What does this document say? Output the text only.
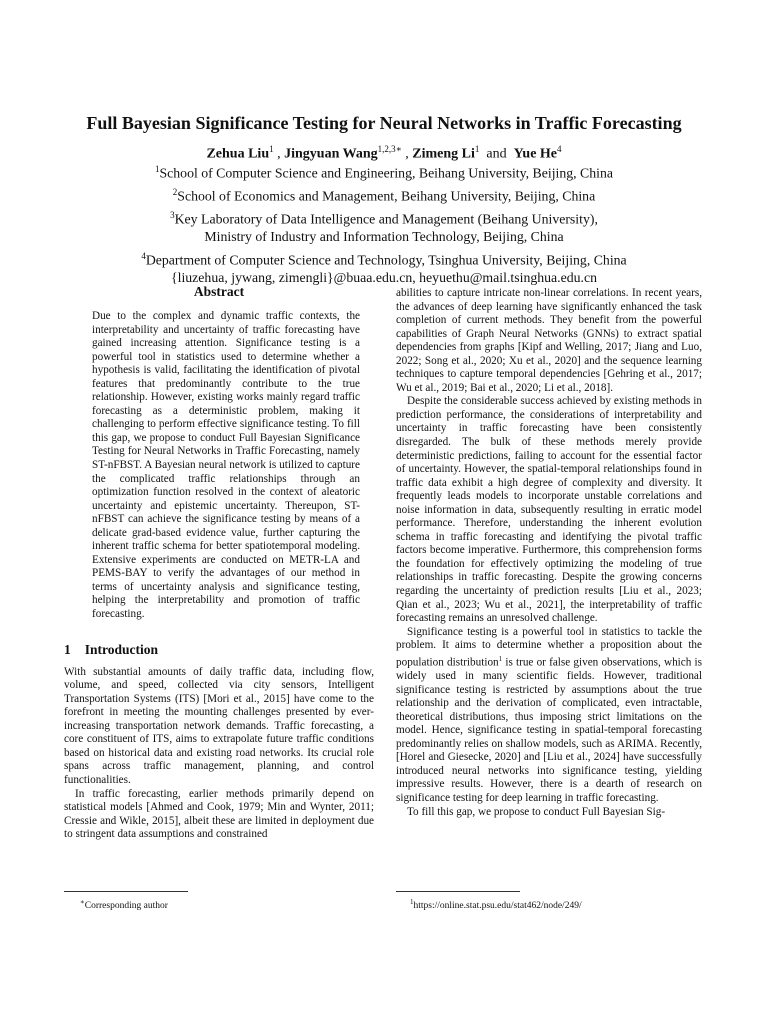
Full Bayesian Significance Testing for Neural Networks in Traffic Forecasting
Zehua Liu$^1$ , Jingyuan Wang$^{1,2,3∗}$ , Zimeng Li$^1$ and Yue He$^4$
$^1$School of Computer Science and Engineering, Beihang University, Beijing, China
$^2$School of Economics and Management, Beihang University, Beijing, China
$^3$Key Laboratory of Data Intelligence and Management (Beihang University),
Ministry of Industry and Information Technology, Beijing, China
$^4$Department of Computer Science and Technology, Tsinghua University, Beijing, China
{liuzehua, jywang, zimengli}@buaa.edu.cn, heyuethu@mail.tsinghua.edu.cn
Abstract

Due to the complex and dynamic traffic contexts, the interpretability and uncertainty of traffic forecasting have gained increasing attention. Significance testing is a powerful tool in statistics used to determine whether a hypothesis is valid, facilitating the identification of pivotal features that predominantly contribute to the true relationship. However, existing works mainly regard traffic forecasting as a deterministic problem, making it challenging to perform effective significance testing. To fill this gap, we propose to conduct Full Bayesian Significance Testing for Neural Networks in Traffic Forecasting, namely ST-nFBST. A Bayesian neural network is utilized to capture the complicated traffic relationships through an optimization function resolved in the context of aleatoric uncertainty and epistemic uncertainty. Thereupon, ST-nFBST can achieve the significance testing by means of a delicate grad-based evidence value, further capturing the inherent traffic schema for better spatiotemporal modeling. Extensive experiments are conducted on METR-LA and PEMS-BAY to verify the advantages of our method in terms of uncertainty analysis and significance testing, helping the interpretability and promotion of traffic forecasting.

1 Introduction

With substantial amounts of daily traffic data, including flow, volume, and speed, collected via city sensors, Intelligent Transportation Systems (ITS) [Mori et al., 2015] have come to the forefront in meeting the mounting challenges presented by ever-increasing transportation network demands. Traffic forecasting, a core constituent of ITS, aims to extrapolate future traffic conditions based on historical data and existing road networks. Its crucial role spans across traffic management, planning, and control functionalities.

In traffic forecasting, earlier methods primarily depend on statistical models [Ahmed and Cook, 1979; Min and Wynter, 2011; Cressie and Wikle, 2015], albeit these are limited in deployment due to stringent data assumptions and constrained

abilities to capture intricate non-linear correlations. In recent years, the advances of deep learning have significantly enhanced the task completion of current methods. They benefit from the powerful capabilities of Graph Neural Networks (GNNs) to extract spatial dependencies from graphs [Kipf and Welling, 2017; Jiang and Luo, 2022; Song et al., 2020; Xu et al., 2020] and the sequence learning techniques to capture temporal dependencies [Gehring et al., 2017; Wu et al., 2019; Bai et al., 2020; Li et al., 2018].

Despite the considerable success achieved by existing methods in prediction performance, the considerations of interpretability and uncertainty in traffic forecasting have been consistently disregarded. The bulk of these methods merely provide deterministic predictions, failing to account for the essential factor of uncertainty. However, the spatial-temporal relationships found in traffic data exhibit a high degree of complexity and diversity. It frequently leads models to incorporate unstable correlations and noise information in data, subsequently resulting in erratic model performance. Therefore, understanding the inherent evolution schema in traffic forecasting and identifying the pivotal traffic factors become imperative. Furthermore, this comprehension forms the foundation for effectively optimizing the modeling of true relationships in traffic forecasting. Despite the growing concerns regarding the uncertainty of prediction results [Liu et al., 2023; Qian et al., 2023; Wu et al., 2021], the interpretability of traffic forecasting remains an unresolved challenge.

Significance testing is a powerful tool in statistics to tackle the problem. It aims to determine whether a proposition about the population distribution$^1$ is true or false given observations, which is widely used in many scientific fields. However, traditional significance testing is restricted by assumptions about the true relationship and the derivation of complicated, even intractable, theoretical distributions, thus imposing strict limitations on the model. Hence, significance testing in spatial-temporal forecasting predominantly relies on shallow models, such as ARIMA. Recently, [Horel and Giesecke, 2020] and [Liu et al., 2024] have successfully introduced neural networks into significance testing, yielding impressive results. However, there is a dearth of research on significance testing for deep learning in traffic forecasting.

To fill this gap, we propose to conduct Full Bayesian Sig-

∗Corresponding author	$^1$https://online.stat.psu.edu/stat462/node/249/
